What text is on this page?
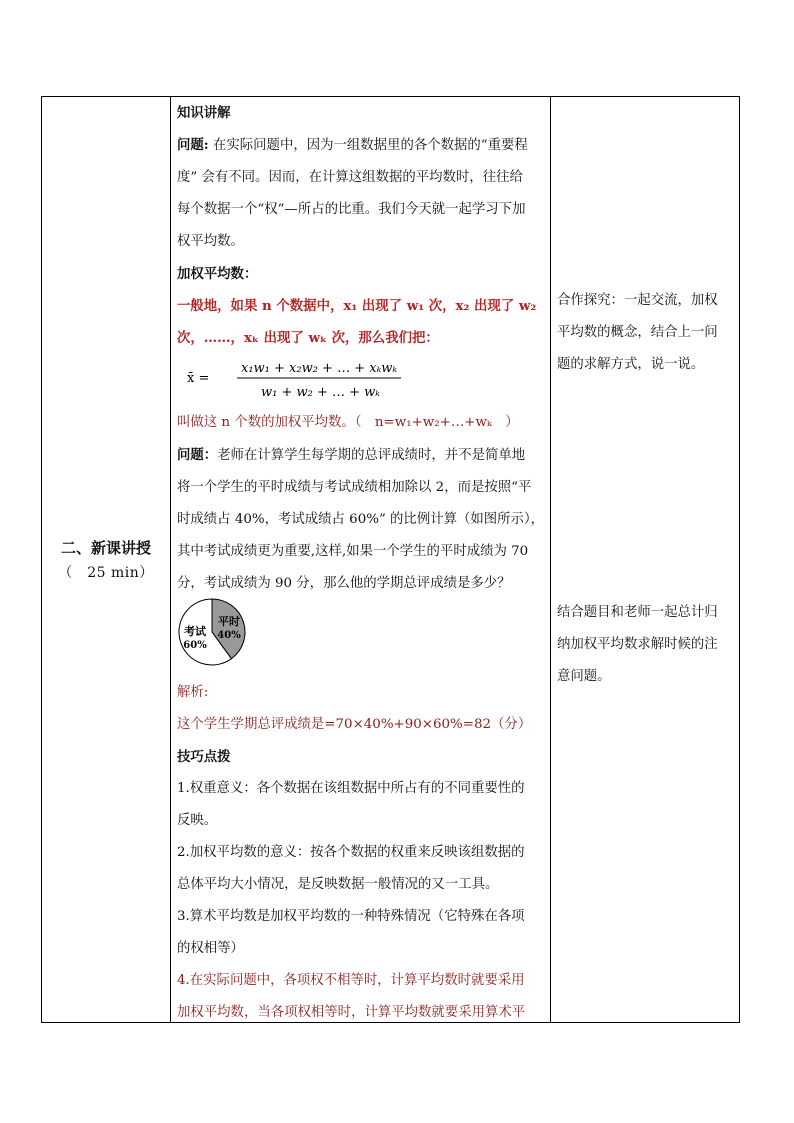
二、新课讲授
（　25 min）

知识讲解

问题: 在实际问题中，因为一组数据里的各个数据的“重要程

度” 会有不同。因而，在计算这组数据的平均数时，往往给

每个数据一个“权”—所占的比重。我们今天就一起学习下加

权平均数。

加权平均数：

一般地，如果 n 个数据中，x₁ 出现了 w₁ 次，x₂ 出现了 w₂

次，……，xₖ 出现了 wₖ 次，那么我们把：

x̄ =
x₁w₁ + x₂w₂ + … + xₖwₖ
w₁ + w₂ + … + wₖ

叫做这 n 个数的加权平均数。（　n=w₁+w₂+…+wₖ　）

问题：老师在计算学生每学期的总评成绩时，并不是简单地

将一个学生的平时成绩与考试成绩相加除以 2，而是按照“平

时成绩占 40%，考试成绩占 60%” 的比例计算（如图所示），

其中考试成绩更为重要,这样,如果一个学生的平时成绩为 70

分，考试成绩为 90 分，那么他的学期总评成绩是多少？

平时
40%
考试
60%

解析:

这个学生学期总评成绩是=70×40%+90×60%=82（分）

技巧点拨

1.权重意义：各个数据在该组数据中所占有的不同重要性的

反映。

2.加权平均数的意义：按各个数据的权重来反映该组数据的

总体平均大小情况，是反映数据一般情况的又一工具。

3.算术平均数是加权平均数的一种特殊情况（它特殊在各项

的权相等）

4.在实际问题中，各项权不相等时，计算平均数时就要采用

加权平均数，当各项权相等时，计算平均数就要采用算术平

合作探究：一起交流，加权

平均数的概念，结合上一问

题的求解方式，说一说。

结合题目和老师一起总计归

纳加权平均数求解时候的注

意问题。
